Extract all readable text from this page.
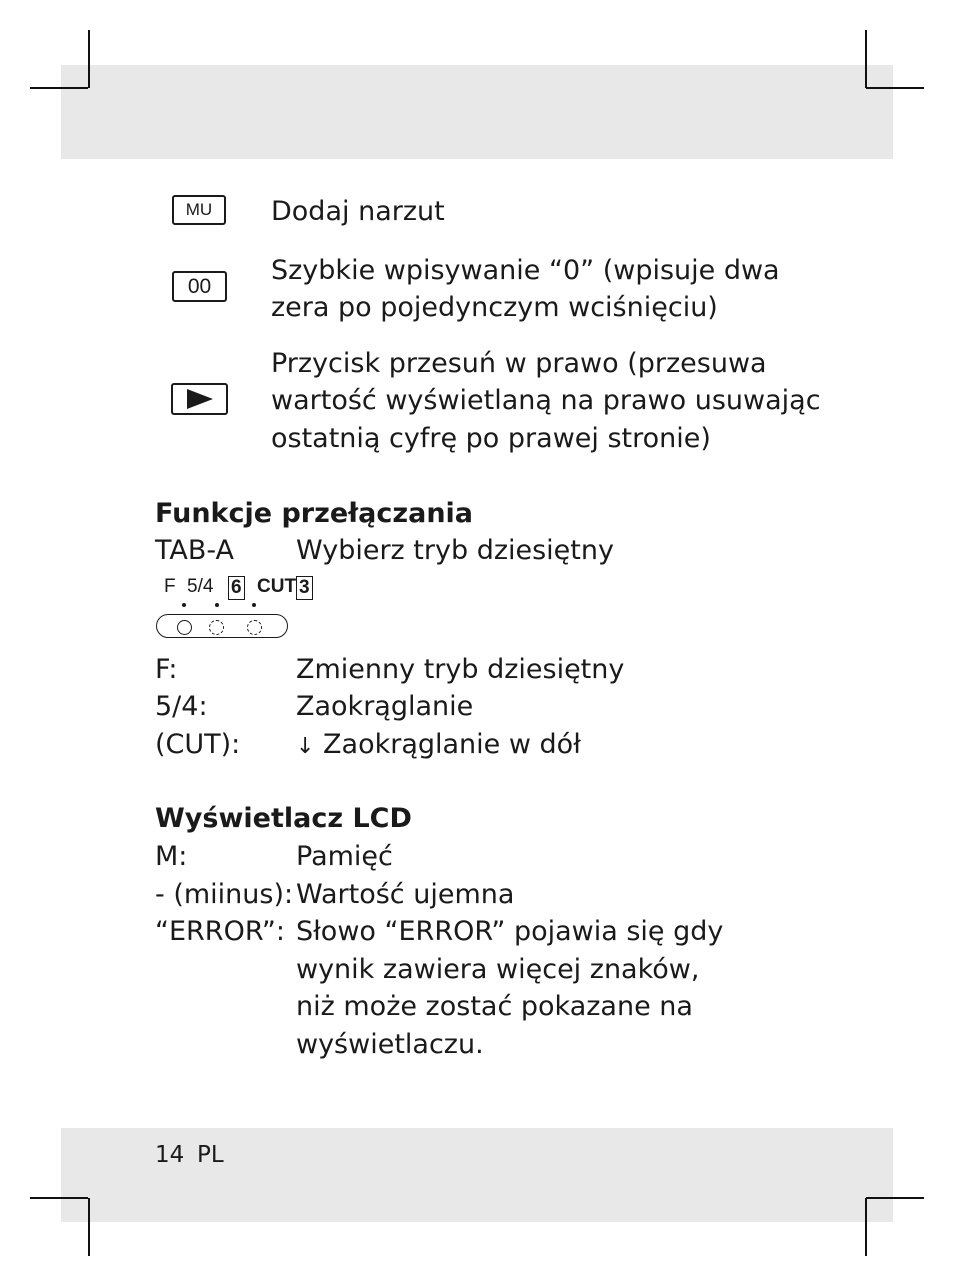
MU Dodaj narzut
00 Szybkie wpisywanie “0” (wpisuje dwa
zera po pojedynczym wciśnięciu)
Przycisk przesuń w prawo (przesuwa
wartość wyświetlaną na prawo usuwając
ostatnią cyfrę po prawej stronie)
Funkcje przełączania
TAB-A Wybierz tryb dziesiętny
F 5/4 6 CUT 3
F:	Zmienny tryb dziesiętny
5/4:	Zaokrąglanie
(CUT):	↓ Zaokrąglanie w dół
Wyświetlacz LCD
M:	Pamięć
- (miinus): Wartość ujemna
“ERROR”: Słowo “ERROR” pojawia się gdy
wynik zawiera więcej znaków,
niż może zostać pokazane na
wyświetlaczu.
14 PL
